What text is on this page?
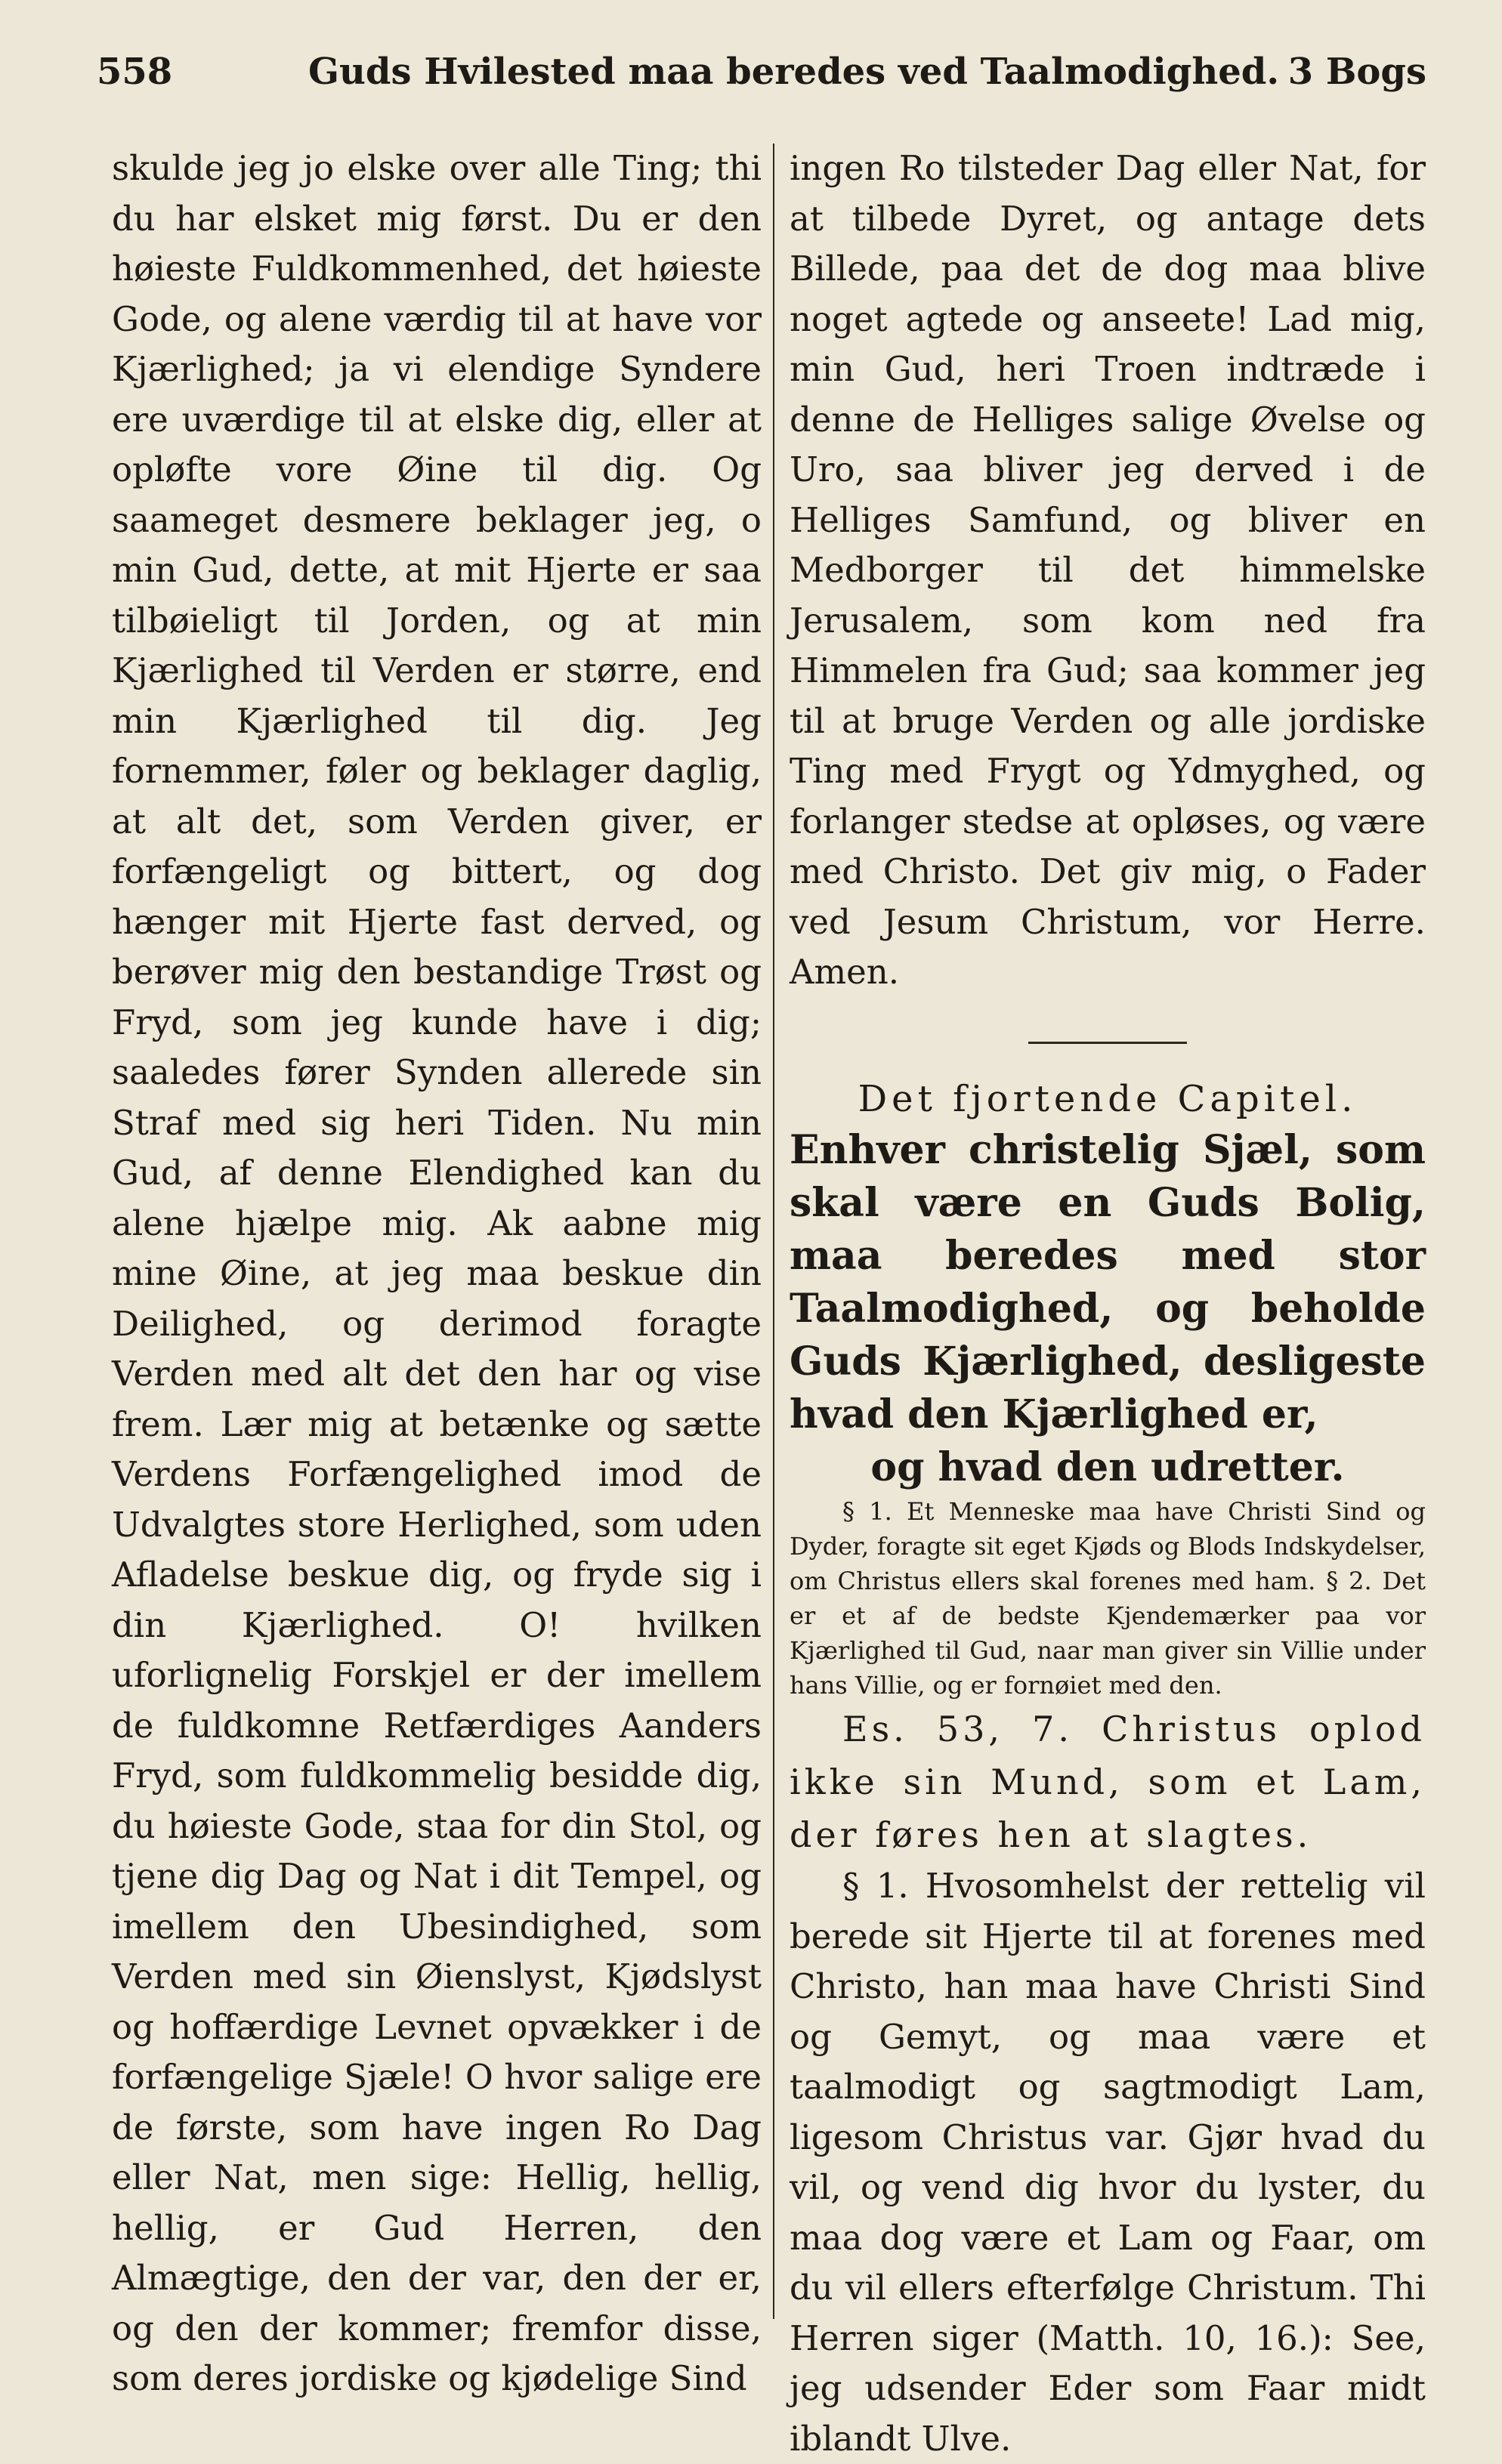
558	Guds Hvilested maa beredes ved Taalmodighed. 3 Bogs

skulde jeg jo elske over alle Ting; thi du har elsket mig først. Du er den høieste Fuldkommenhed, det høieste Gode, og alene værdig til at have vor Kjærlighed; ja vi elendige Syndere ere uværdige til at elske dig, eller at opløfte vore Øine til dig. Og saameget desmere beklager jeg, o min Gud, dette, at mit Hjerte er saa tilbøieligt til Jorden, og at min Kjærlighed til Verden er større, end min Kjærlighed til dig. Jeg fornemmer, føler og beklager daglig, at alt det, som Verden giver, er forfængeligt og bittert, og dog hænger mit Hjerte fast derved, og berøver mig den bestandige Trøst og Fryd, som jeg kunde have i dig; saaledes fører Synden allerede sin Straf med sig heri Tiden. Nu min Gud, af denne Elendighed kan du alene hjælpe mig. Ak aabne mig mine Øine, at jeg maa beskue din Deilighed, og derimod foragte Verden med alt det den har og vise frem. Lær mig at betænke og sætte Verdens Forfængelighed imod de Udvalgtes store Herlighed, som uden Afladelse beskue dig, og fryde sig i din Kjærlighed. O! hvilken uforlignelig Forskjel er der imellem de fuldkomne Retfærdiges Aanders Fryd, som fuldkommelig besidde dig, du høieste Gode, staa for din Stol, og tjene dig Dag og Nat i dit Tempel, og imellem den Ubesindighed, som Verden med sin Øienslyst, Kjødslyst og hoffærdige Levnet opvækker i de forfængelige Sjæle! O hvor salige ere de første, som have ingen Ro Dag eller Nat, men sige: Hellig, hellig, hellig, er Gud Herren, den Almægtige, den der var, den der er, og den der kommer; fremfor disse, som deres jordiske og kjødelige Sind

ingen Ro tilsteder Dag eller Nat, for at tilbede Dyret, og antage dets Billede, paa det de dog maa blive noget agtede og anseete! Lad mig, min Gud, heri Troen indtræde i denne de Helliges salige Øvelse og Uro, saa bliver jeg derved i de Helliges Samfund, og bliver en Medborger til det himmelske Jerusalem, som kom ned fra Himmelen fra Gud; saa kommer jeg til at bruge Verden og alle jordiske Ting med Frygt og Ydmyghed, og forlanger stedse at opløses, og være med Christo. Det giv mig, o Fader ved Jesum Christum, vor Herre. Amen.

Det fjortende Capitel.

Enhver christelig Sjæl, som skal være en Guds Bolig, maa beredes med stor Taalmodighed, og beholde Guds Kjærlighed, desligeste hvad den Kjærlighed er,
og hvad den udretter.

§ 1. Et Menneske maa have Christi Sind og Dyder, foragte sit eget Kjøds og Blods Indskydelser, om Christus ellers skal forenes med ham. § 2. Det er et af de bedste Kjendemærker paa vor Kjærlighed til Gud, naar man giver sin Villie under hans Villie, og er fornøiet med den.

Es. 53, 7. Christus oplod ikke sin Mund, som et Lam, der føres hen at slagtes.

§ 1. Hvosomhelst der rettelig vil berede sit Hjerte til at forenes med Christo, han maa have Christi Sind og Gemyt, og maa være et taalmodigt og sagtmodigt Lam, ligesom Christus var. Gjør hvad du vil, og vend dig hvor du lyster, du maa dog være et Lam og Faar, om du vil ellers efterfølge Christum. Thi Herren siger (Matth. 10, 16.): See, jeg udsender Eder som Faar midt iblandt Ulve.
